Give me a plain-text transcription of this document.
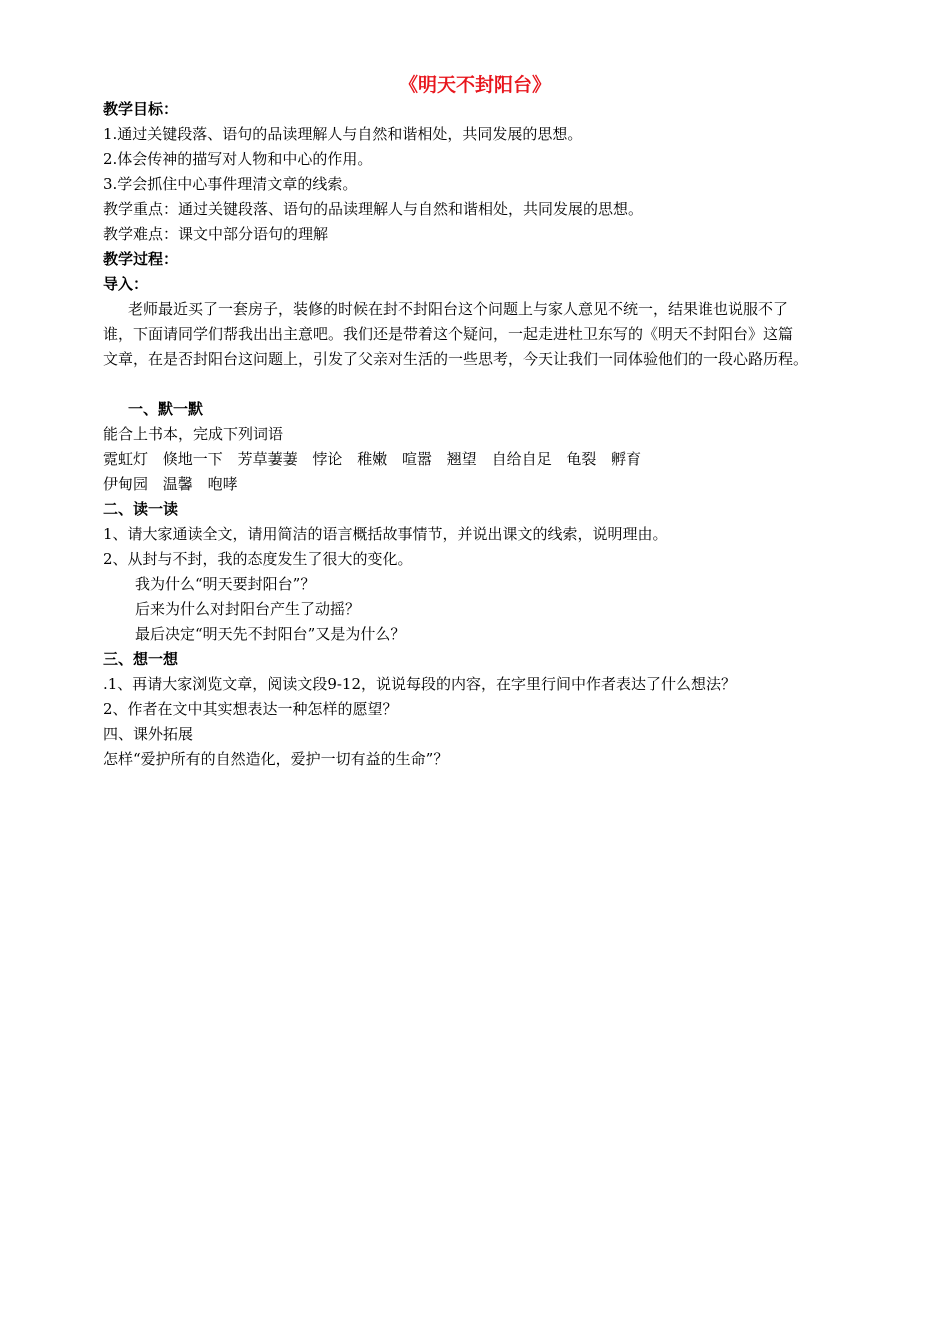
《明天不封阳台》
教学目标：
1.通过关键段落、语句的品读理解人与自然和谐相处，共同发展的思想。
2.体会传神的描写对人物和中心的作用。
3.学会抓住中心事件理清文章的线索。
教学重点：通过关键段落、语句的品读理解人与自然和谐相处，共同发展的思想。
教学难点：课文中部分语句的理解
教学过程：
导入：
老师最近买了一套房子，装修的时候在封不封阳台这个问题上与家人意见不统一，结果谁也说服不了
谁，下面请同学们帮我出出主意吧。我们还是带着这个疑问，一起走进杜卫东写的《明天不封阳台》这篇
文章，在是否封阳台这问题上，引发了父亲对生活的一些思考，今天让我们一同体验他们的一段心路历程。
一、默一默
能合上书本，完成下列词语
霓虹灯 倏地一下 芳草萋萋 悖论 稚嫩 喧嚣 翘望 自给自足 龟裂 孵育
伊甸园 温馨 咆哮
二、读一读
1、请大家通读全文，请用简洁的语言概括故事情节，并说出课文的线索，说明理由。
2、从封与不封，我的态度发生了很大的变化。
我为什么“明天要封阳台”？
后来为什么对封阳台产生了动摇？
最后决定“明天先不封阳台”又是为什么？
三、想一想
.1、再请大家浏览文章，阅读文段9-12，说说每段的内容，在字里行间中作者表达了什么想法？
2、作者在文中其实想表达一种怎样的愿望？
四、课外拓展
怎样“爱护所有的自然造化，爱护一切有益的生命”？
